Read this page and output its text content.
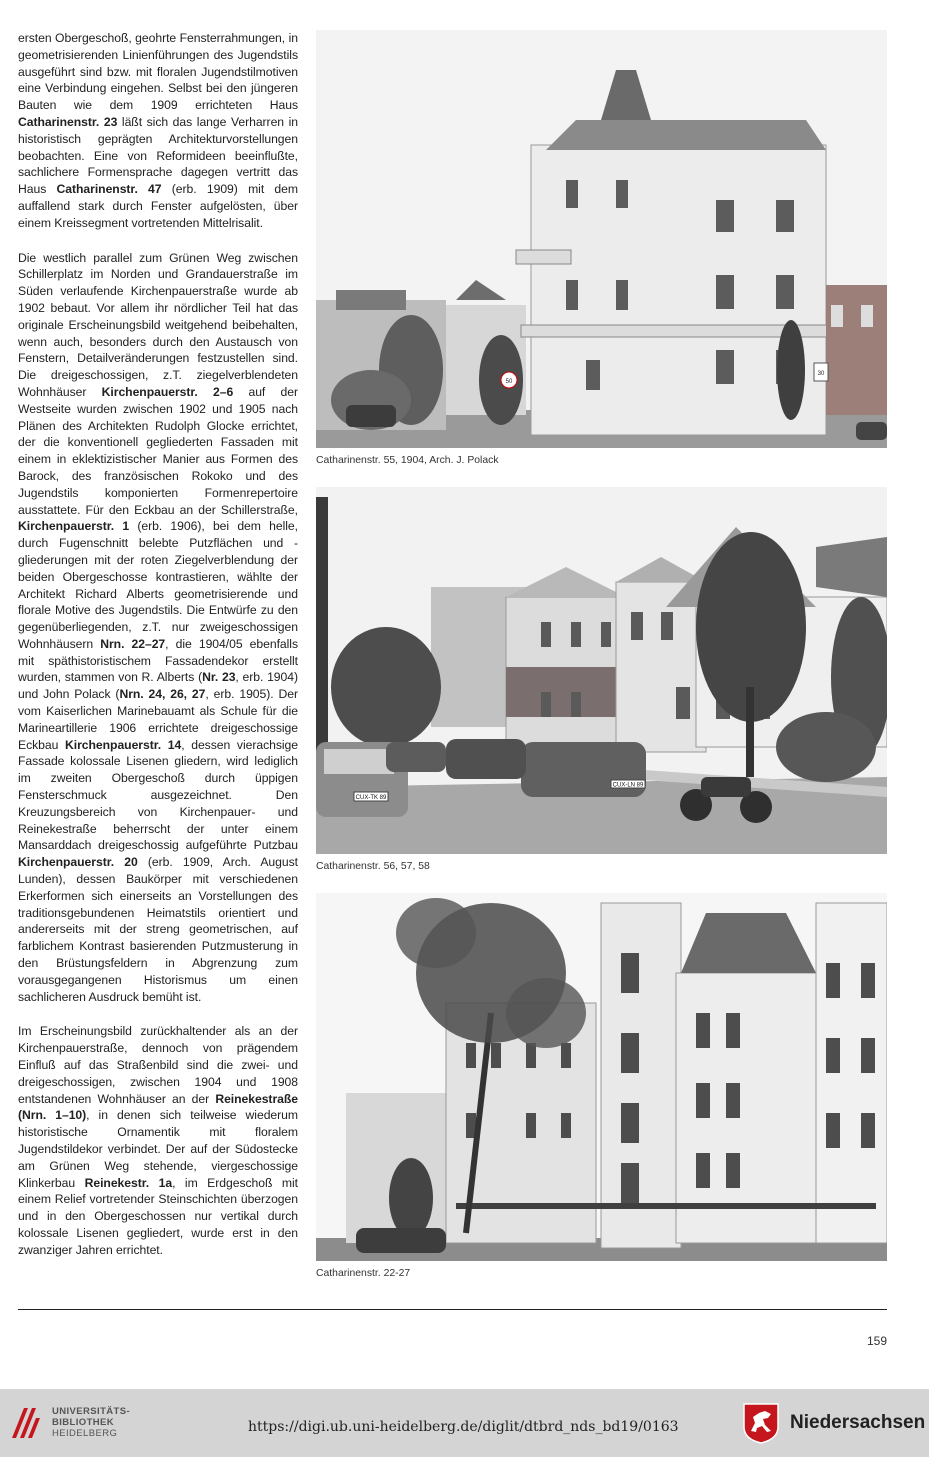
ersten Obergeschoß, geohrte Fensterrahmungen, in geometrisierenden Linienführungen des Jugendstils ausgeführt sind bzw. mit floralen Jugendstilmotiven eine Verbindung eingehen. Selbst bei den jüngeren Bauten wie dem 1909 errichteten Haus Catharinenstr. 23 läßt sich das lange Verharren in historistisch geprägten Architekturvorstellungen beobachten. Eine von Reformideen beeinflußte, sachlichere Formensprache dagegen vertritt das Haus Catharinenstr. 47 (erb. 1909) mit dem auffallend stark durch Fenster aufgelösten, über einem Kreissegment vortretenden Mittelrisalit.

Die westlich parallel zum Grünen Weg zwischen Schillerplatz im Norden und Grandauerstraße im Süden verlaufende Kirchenpauerstraße wurde ab 1902 bebaut. Vor allem ihr nördlicher Teil hat das originale Erscheinungsbild weitgehend beibehalten, wenn auch, besonders durch den Austausch von Fenstern, Detailveränderungen festzustellen sind. Die dreigeschossigen, z.T. ziegelverblendeten Wohnhäuser Kirchenpauerstr. 2–6 auf der Westseite wurden zwischen 1902 und 1905 nach Plänen des Architekten Rudolph Glocke errichtet, der die konventionell gegliederten Fassaden mit einem in eklektizistischer Manier aus Formen des Barock, des französischen Rokoko und des Jugendstils komponierten Formenrepertoire ausstattete. Für den Eckbau an der Schillerstraße, Kirchenpauerstr. 1 (erb. 1906), bei dem helle, durch Fugenschnitt belebte Putzflächen und -gliederungen mit der roten Ziegelverblendung der beiden Obergeschosse kontrastieren, wählte der Architekt Richard Alberts geometrisierende und florale Motive des Jugendstils. Die Entwürfe zu den gegenüberliegenden, z.T. nur zweigeschossigen Wohnhäusern Nrn. 22–27, die 1904/05 ebenfalls mit späthistoristischem Fassadendekor erstellt wurden, stammen von R. Alberts (Nr. 23, erb. 1904) und John Polack (Nrn. 24, 26, 27, erb. 1905). Der vom Kaiserlichen Marinebauamt als Schule für die Marineartillerie 1906 errichtete dreigeschossige Eckbau Kirchenpauerstr. 14, dessen vierachsige Fassade kolossale Lisenen gliedern, wird lediglich im zweiten Obergeschoß durch üppigen Fensterschmuck ausgezeichnet. Den Kreuzungsbereich von Kirchenpauer- und Reinekestraße beherrscht der unter einem Mansarddach dreigeschossig aufgeführte Putzbau Kirchenpauerstr. 20 (erb. 1909, Arch. August Lunden), dessen Baukörper mit verschiedenen Erkerformen sich einerseits an Vorstellungen des traditionsgebundenen Heimatstils orientiert und andererseits mit der streng geometrischen, auf farblichem Kontrast basierenden Putzmusterung in den Brüstungsfeldern in Abgrenzung zum vorausgegangenen Historismus um einen sachlicheren Ausdruck bemüht ist.

Im Erscheinungsbild zurückhaltender als an der Kirchenpauerstraße, dennoch von prägendem Einfluß auf das Straßenbild sind die zwei- und dreigeschossigen, zwischen 1904 und 1908 entstandenen Wohnhäuser an der Reinekestraße (Nrn. 1–10), in denen sich teilweise wiederum historistische Ornamentik mit floralem Jugendstildekor verbindet. Der auf der Südostecke am Grünen Weg stehende, viergeschossige Klinkerbau Reinekestr. 1a, im Erdgeschoß mit einem Relief vortretender Steinschichten überzogen und in den Obergeschossen nur vertikal durch kolossale Lisenen gegliedert, wurde erst in den zwanziger Jahren errichtet.

50
30
Catharinenstr. 55, 1904, Arch. J. Polack
CUX-TK 89
CUX-LN 89
Catharinenstr. 56, 57, 58
Catharinenstr. 22-27
159
UNIVERSITÄTS-
BIBLIOTHEK
HEIDELBERG	https://digi.ub.uni-heidelberg.de/diglit/dtbrd_nds_bd19/0163	Niedersachsen
